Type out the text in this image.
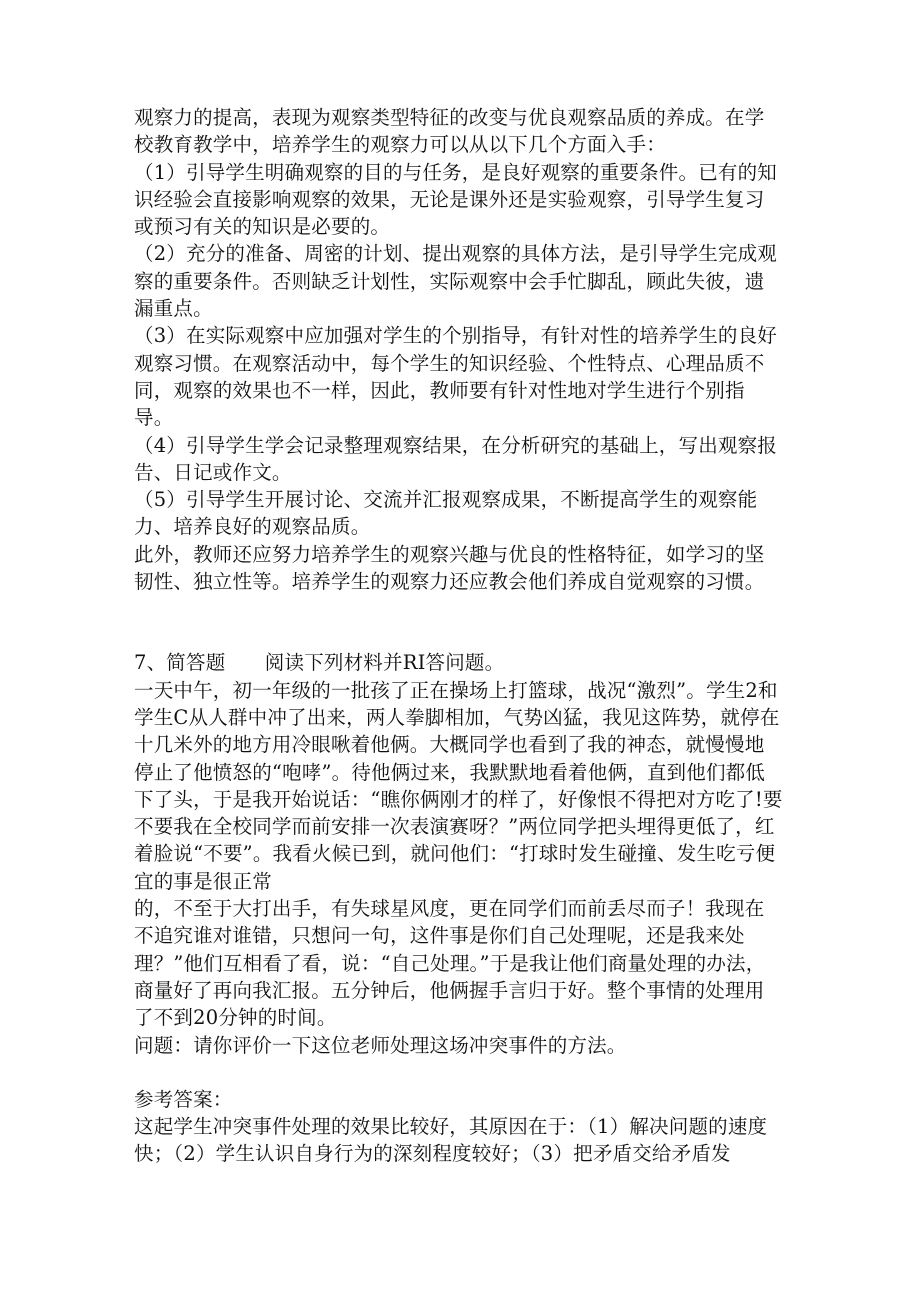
观察力的提高，表现为观察类型特征的改变与优良观察品质的养成。在学校教育教学中，培养学生的观察力可以从以下几个方面入手：

（1）引导学生明确观察的目的与任务，是良好观察的重要条件。已有的知识经验会直接影响观察的效果，无论是课外还是实验观察，引导学生复习或预习有关的知识是必要的。

（2）充分的准备、周密的计划、提出观察的具体方法，是引导学生完成观察的重要条件。否则缺乏计划性，实际观察中会手忙脚乱，顾此失彼，遗漏重点。

（3）在实际观察中应加强对学生的个别指导，有针对性的培养学生的良好观察习惯。在观察活动中，每个学生的知识经验、个性特点、心理品质不同，观察的效果也不一样，因此，教师要有针对性地对学生进行个别指导。

（4）引导学生学会记录整理观察结果，在分析研究的基础上，写出观察报告、日记或作文。

（5）引导学生开展讨论、交流并汇报观察成果，不断提高学生的观察能力、培养良好的观察品质。

此外，教师还应努力培养学生的观察兴趣与优良的性格特征，如学习的坚韧性、独立性等。培养学生的观察力还应教会他们养成自觉观察的习惯。

7、简答题　　阅读下列材料并RI答问题。

一天中午，初一年级的一批孩了正在操场上打篮球，战况“激烈”。学生2和学生C从人群中冲了出来，两人拳脚相加，气势凶猛，我见这阵势，就停在十几米外的地方用冷眼啾着他俩。大概同学也看到了我的神态，就慢慢地停止了他愤怒的“咆哮”。待他俩过来，我默默地看着他俩，直到他们都低下了头，于是我开始说话：“瞧你俩刚才的样了，好像恨不得把对方吃了!要不要我在全校同学而前安排一次表演赛呀？”两位同学把头埋得更低了，红着脸说“不要”。我看火候已到，就问他们：“打球时发生碰撞、发生吃亏便宜的事是很正常

的，不至于大打出手，有失球星风度，更在同学们而前丢尽而子！我现在不追究谁对谁错，只想问一句，这件事是你们自己处理呢，还是我来处理？”他们互相看了看，说：“自己处理。”于是我让他们商量处理的办法，商量好了再向我汇报。五分钟后，他俩握手言归于好。整个事情的处理用了不到20分钟的时间。

问题：请你评价一下这位老师处理这场冲突事件的方法。

参考答案：

这起学生冲突事件处理的效果比较好，其原因在于：（1）解决问题的速度快；（2）学生认识自身行为的深刻程度较好；（3）把矛盾交给矛盾发
